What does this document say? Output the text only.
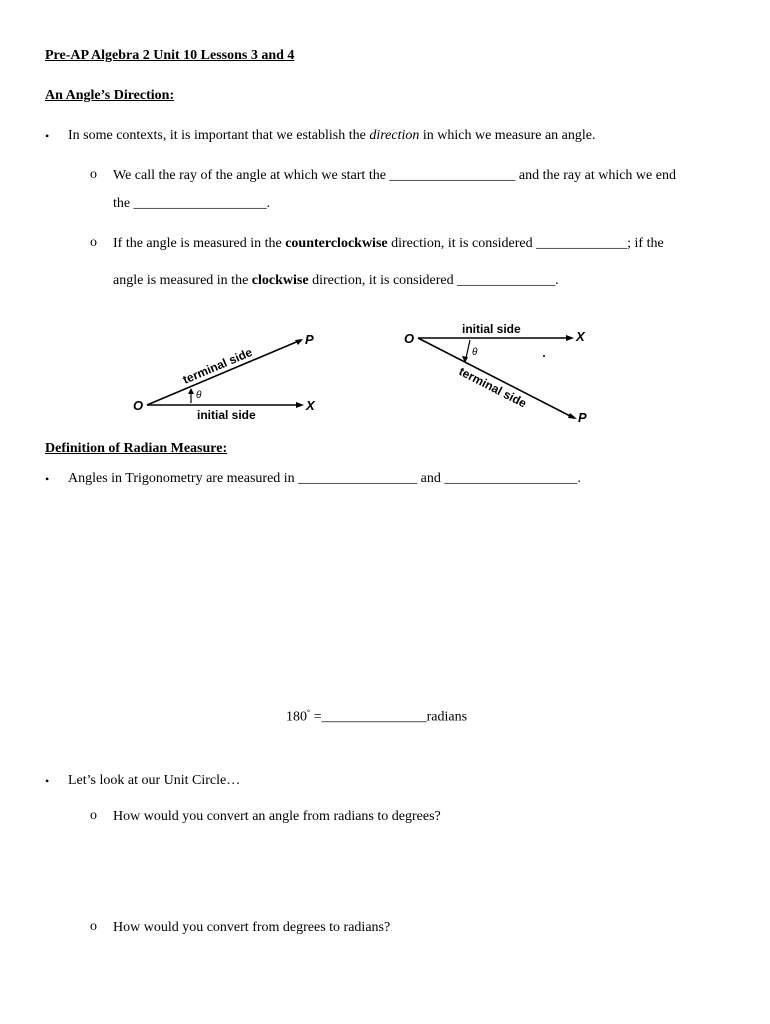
Pre-AP Algebra 2 Unit 10 Lessons 3 and 4
An Angle’s Direction:
• In some contexts, it is important that we establish the direction in which we measure an angle.
o We call the ray of the angle at which we start the __________________ and the ray at which we end
the ___________________.
o If the angle is measured in the counterclockwise direction, it is considered _____________; if the
angle is measured in the clockwise direction, it is considered ______________.
O
P
X
θ
terminal side
initial side
O	X
P
θ
initial side
terminal side
Definition of Radian Measure:
• Angles in Trigonometry are measured in _________________ and ___________________.
180° =_______________radians
• Let’s look at our Unit Circle…
o How would you convert an angle from radians to degrees?
o How would you convert from degrees to radians?
